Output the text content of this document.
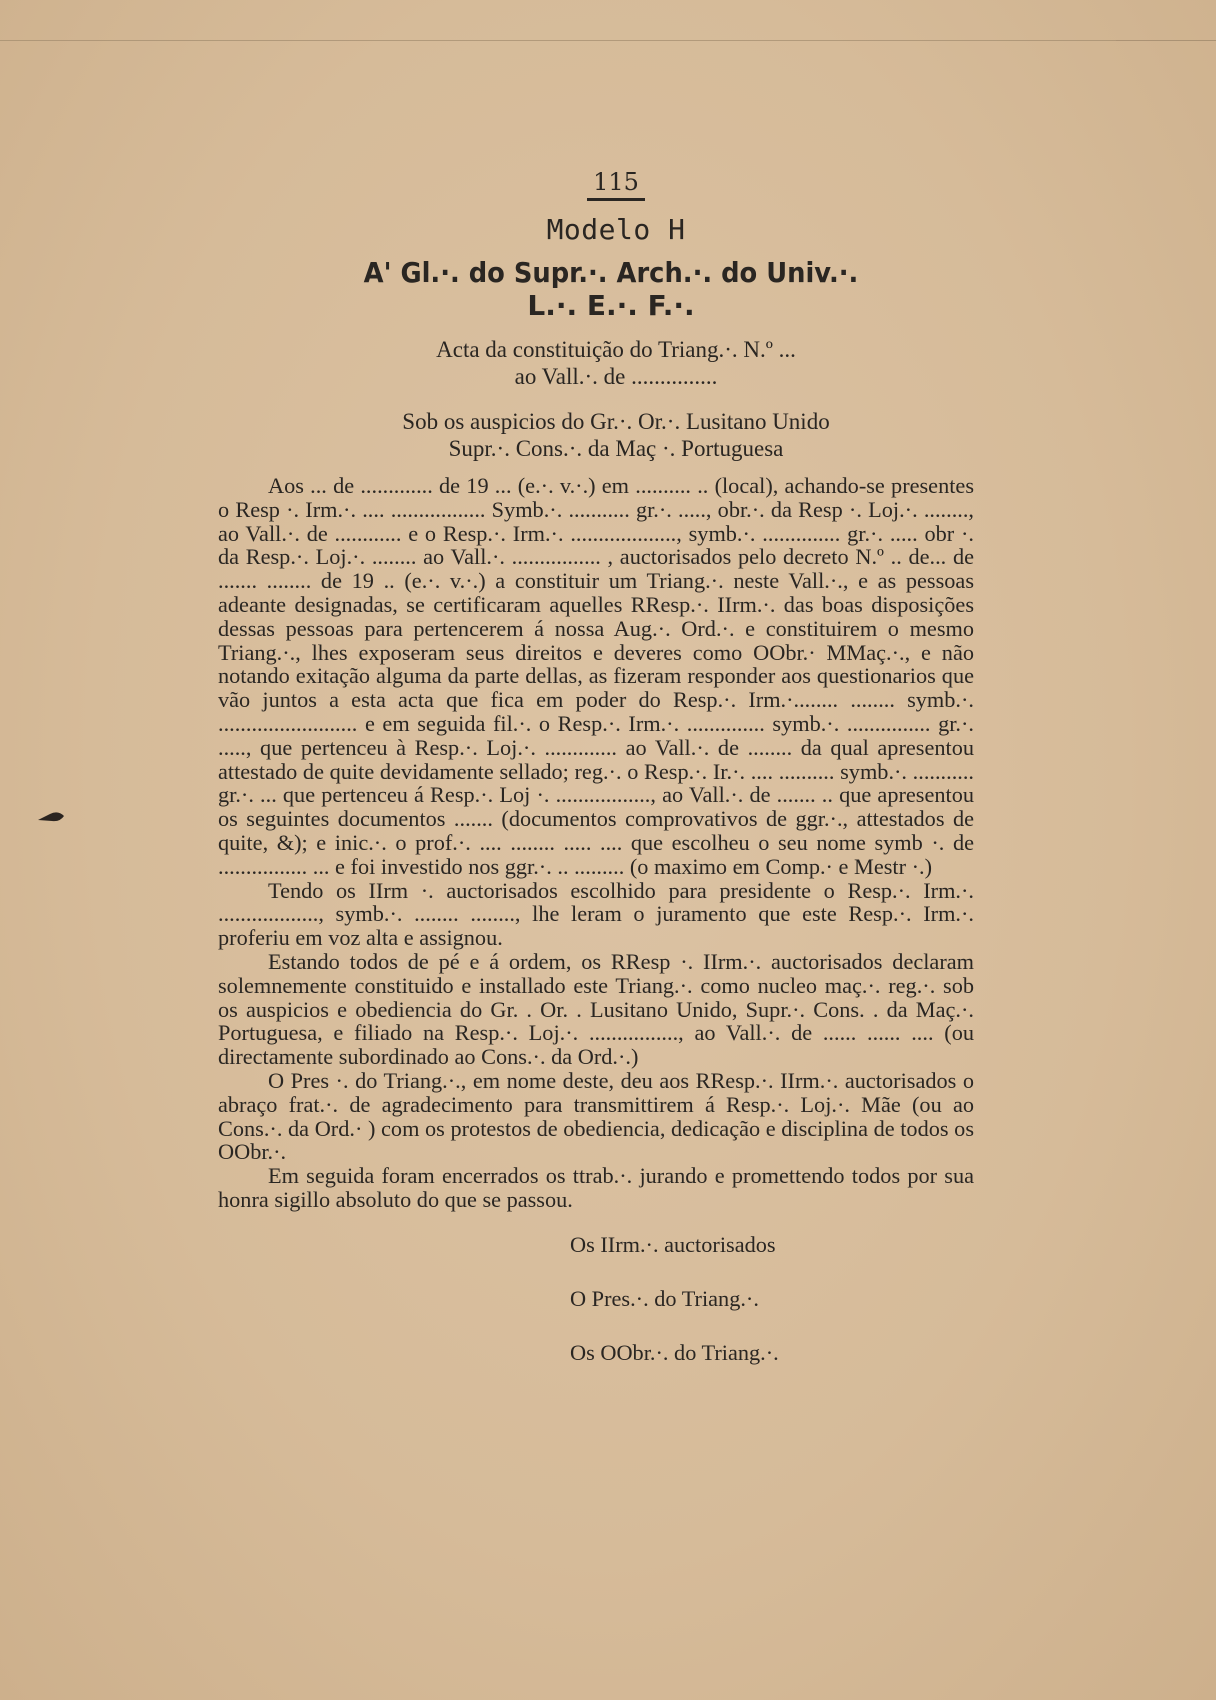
115
Modelo H
A' Gl.·. do Supr.·. Arch.·. do Univ.·.
L.·. E.·. F.·.
Acta da constituição do Triang.·. N.º ...
ao Vall.·. de ...............
Sob os auspicios do Gr.·. Or.·. Lusitano Unido
Supr.·. Cons.·. da Maç ·. Portuguesa

Aos ... de ............. de 19 ... (e.·. v.·.) em .......... .. (local), achando-se presentes o Resp ·. Irm.·. .... ................. Symb.·. ........... gr.·. ....., obr.·. da Resp ·. Loj.·. ........, ao Vall.·. de ............ e o Resp.·. Irm.·. ..................., symb.·. .............. gr.·. ..... obr ·. da Resp.·. Loj.·. ........ ao Vall.·. ................ , auctorisados pelo decreto N.º .. de... de ....... ........ de 19 .. (e.·. v.·.) a constituir um Triang.·. neste Vall.·., e as pessoas adeante designadas, se certificaram aquelles RResp.·. IIrm.·. das boas disposições dessas pessoas para pertencerem á nossa Aug.·. Ord.·. e constituirem o mesmo Triang.·., lhes exposeram seus direitos e deveres como OObr.· MMaç.·., e não notando exitação alguma da parte dellas, as fizeram responder aos questionarios que vão juntos a esta acta que fica em poder do Resp.·. Irm.·........ ........ symb.·. ......................... e em seguida fil.·. o Resp.·. Irm.·. .............. symb.·. ............... gr.·. ....., que pertenceu à Resp.·. Loj.·. ............. ao Vall.·. de ........ da qual apresentou attestado de quite devidamente sellado; reg.·. o Resp.·. Ir.·. .... .......... symb.·. ........... gr.·. ... que pertenceu á Resp.·. Loj ·. ................., ao Vall.·. de ....... .. que apresentou os seguintes documentos ....... (documentos comprovativos de ggr.·., attestados de quite, &); e inic.·. o prof.·. .... ........ ..... .... que escolheu o seu nome symb ·. de ................ ... e foi investido nos ggr.·. .. ......... (o maximo em Comp.· e Mestr ·.)

Tendo os IIrm ·. auctorisados escolhido para presidente o Resp.·. Irm.·. .................., symb.·. ........ ........, lhe leram o juramento que este Resp.·. Irm.·. proferiu em voz alta e assignou.

Estando todos de pé e á ordem, os RResp ·. IIrm.·. auctorisados declaram solemnemente constituido e installado este Triang.·. como nucleo maç.·. reg.·. sob os auspicios e obediencia do Gr. . Or. . Lusitano Unido, Supr.·. Cons. . da Maç.·. Portuguesa, e filiado na Resp.·. Loj.·. ................, ao Vall.·. de ...... ...... .... (ou directamente subordinado ao Cons.·. da Ord.·.)

O Pres ·. do Triang.·., em nome deste, deu aos RResp.·. IIrm.·. auctorisados o abraço frat.·. de agradecimento para transmittirem á Resp.·. Loj.·. Mãe (ou ao Cons.·. da Ord.· ) com os protestos de obediencia, dedicação e disciplina de todos os OObr.·.

Em seguida foram encerrados os ttrab.·. jurando e promettendo todos por sua honra sigillo absoluto do que se passou.

Os IIrm.·. auctorisados
O Pres.·. do Triang.·.
Os OObr.·. do Triang.·.
